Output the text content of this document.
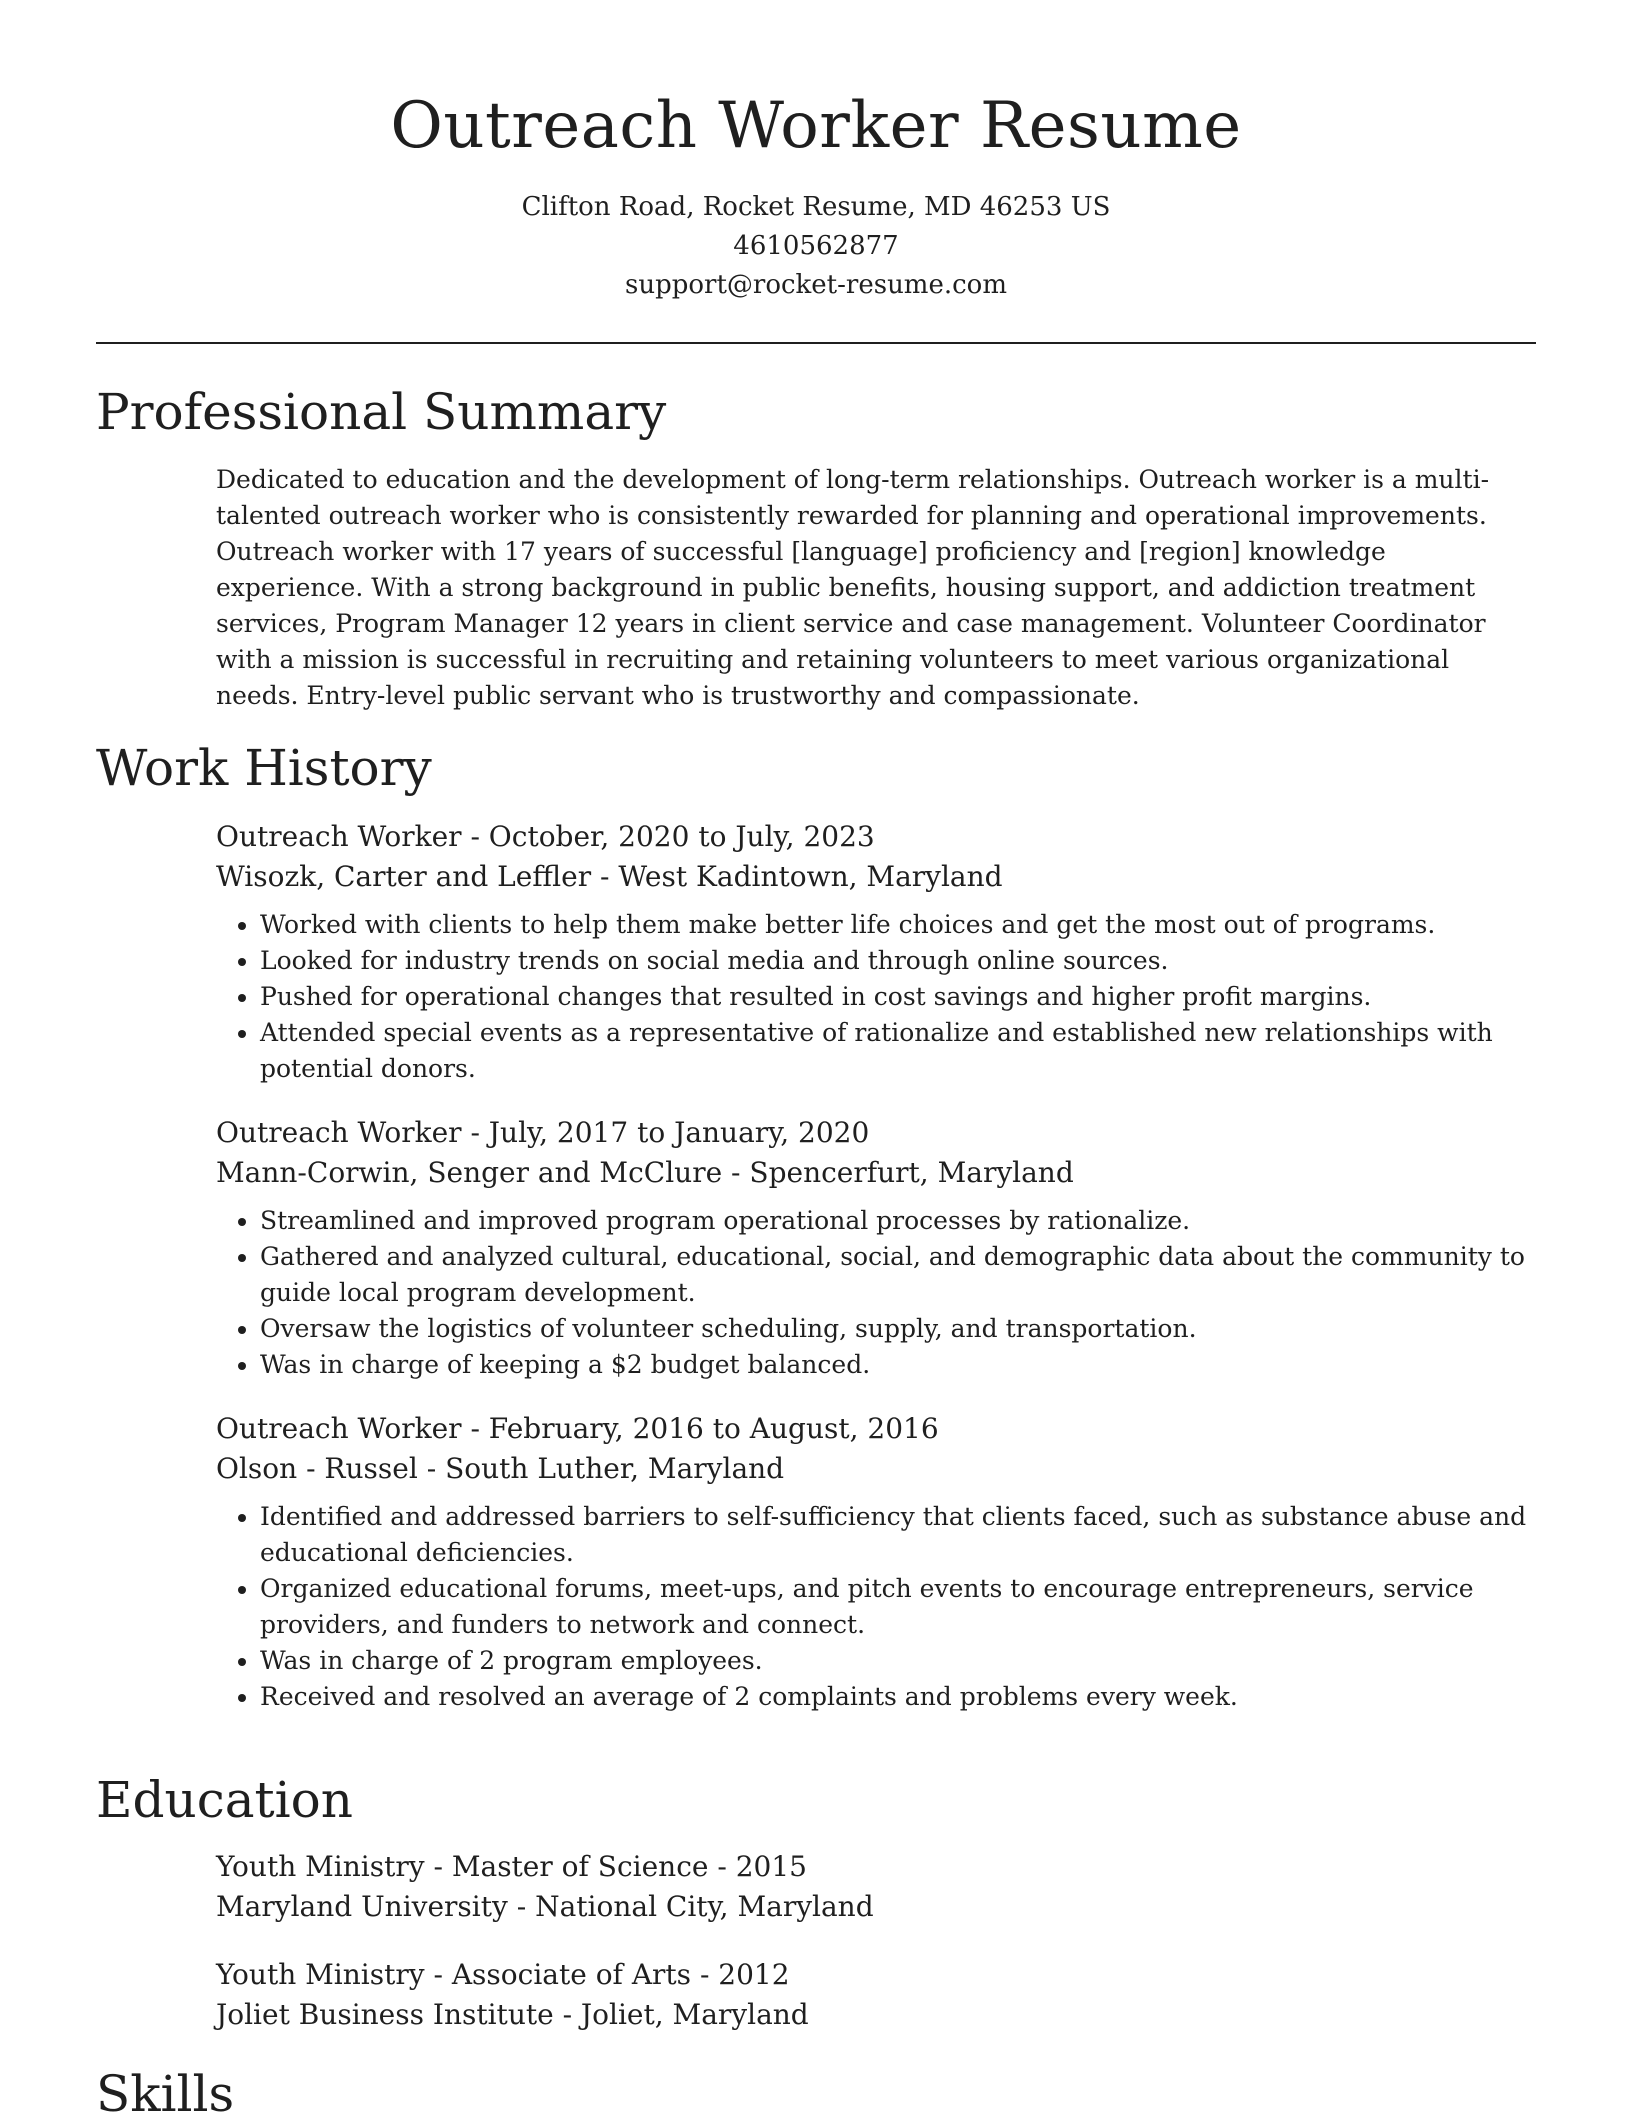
Outreach Worker Resume

Clifton Road, Rocket Resume, MD 46253 US

4610562877

support@rocket-resume.com

Professional Summary

Dedicated to education and the development of long-term relationships. Outreach worker is a multi-talented outreach worker who is consistently rewarded for planning and operational improvements. Outreach worker with 17 years of successful [language] proficiency and [region] knowledge experience. With a strong background in public benefits, housing support, and addiction treatment services, Program Manager 12 years in client service and case management. Volunteer Coordinator with a mission is successful in recruiting and retaining volunteers to meet various organizational needs. Entry-level public servant who is trustworthy and compassionate.

Work History

Outreach Worker - October, 2020 to July, 2023

Wisozk, Carter and Leffler - West Kadintown, Maryland

• Worked with clients to help them make better life choices and get the most out of programs.
• Looked for industry trends on social media and through online sources.
• Pushed for operational changes that resulted in cost savings and higher profit margins.
• Attended special events as a representative of rationalize and established new relationships with potential donors.

Outreach Worker - July, 2017 to January, 2020

Mann-Corwin, Senger and McClure - Spencerfurt, Maryland

• Streamlined and improved program operational processes by rationalize.
• Gathered and analyzed cultural, educational, social, and demographic data about the community to guide local program development.
• Oversaw the logistics of volunteer scheduling, supply, and transportation.
• Was in charge of keeping a $2 budget balanced.

Outreach Worker - February, 2016 to August, 2016

Olson - Russel - South Luther, Maryland

• Identified and addressed barriers to self-sufficiency that clients faced, such as substance abuse and educational deficiencies.
• Organized educational forums, meet-ups, and pitch events to encourage entrepreneurs, service providers, and funders to network and connect.
• Was in charge of 2 program employees.
• Received and resolved an average of 2 complaints and problems every week.
Education

Youth Ministry - Master of Science - 2015

Maryland University - National City, Maryland

Youth Ministry - Associate of Arts - 2012

Joliet Business Institute - Joliet, Maryland

Skills
